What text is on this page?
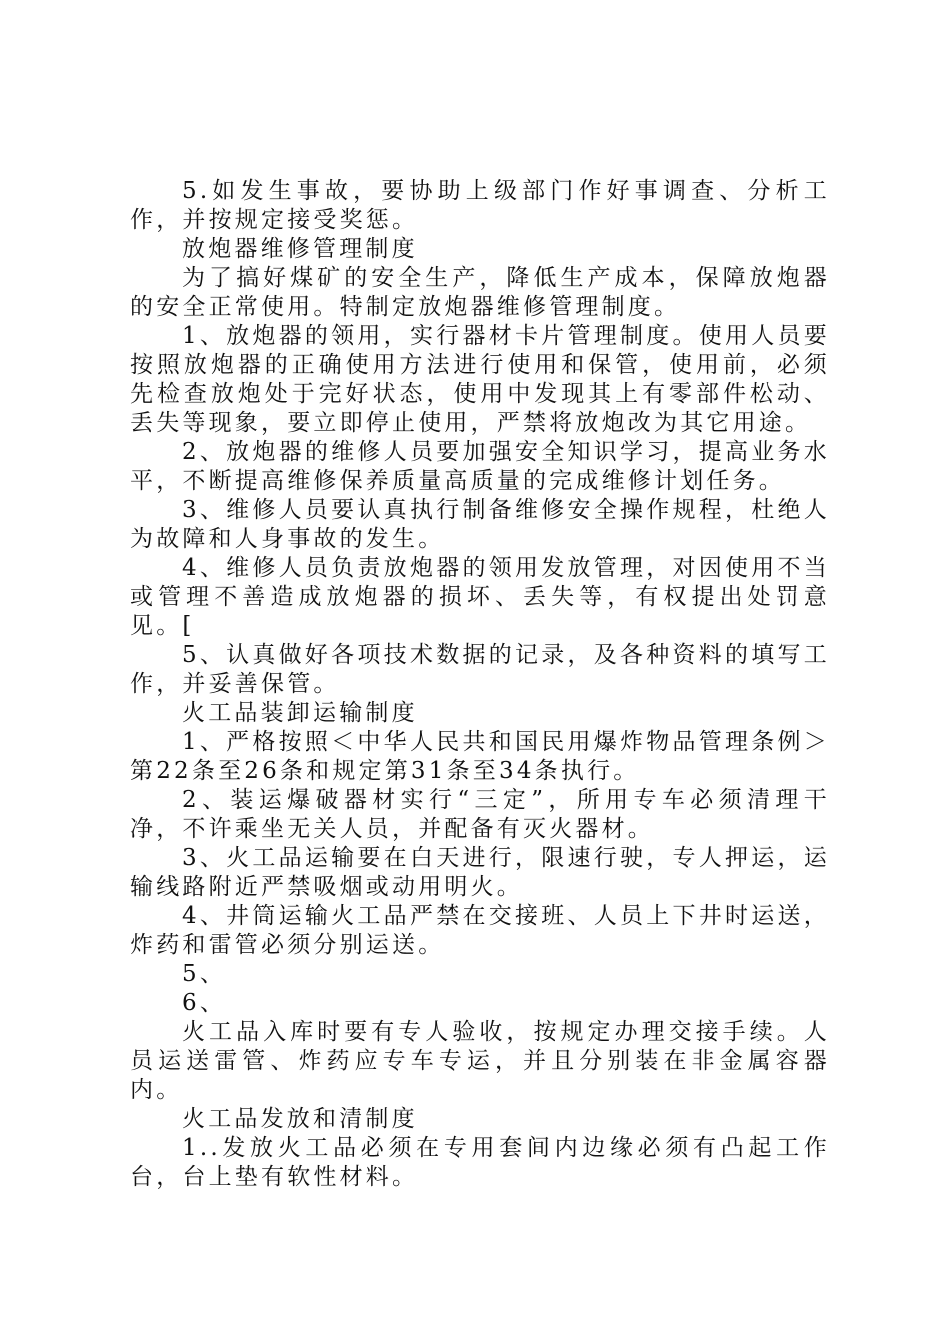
5.如发生事故，要协助上级部门作好事调查、分析工作，并按规定接受奖惩。

放炮器维修管理制度

为了搞好煤矿的安全生产，降低生产成本，保障放炮器的安全正常使用。特制定放炮器维修管理制度。

1、放炮器的领用，实行器材卡片管理制度。使用人员要按照放炮器的正确使用方法进行使用和保管，使用前，必须先检查放炮处于完好状态，使用中发现其上有零部件松动、丢失等现象，要立即停止使用，严禁将放炮改为其它用途。

2、放炮器的维修人员要加强安全知识学习，提高业务水平，不断提高维修保养质量高质量的完成维修计划任务。

3、维修人员要认真执行制备维修安全操作规程，杜绝人为故障和人身事故的发生。

4、维修人员负责放炮器的领用发放管理，对因使用不当或管理不善造成放炮器的损坏、丢失等，有权提出处罚意见。[

5、认真做好各项技术数据的记录，及各种资料的填写工作，并妥善保管。

火工品装卸运输制度

1、严格按照＜中华人民共和国民用爆炸物品管理条例＞第22条至26条和规定第31条至34条执行。

2、装运爆破器材实行“三定”，所用专车必须清理干净，不许乘坐无关人员，并配备有灭火器材。

3、火工品运输要在白天进行，限速行驶，专人押运，运输线路附近严禁吸烟或动用明火。

4、井筒运输火工品严禁在交接班、人员上下井时运送，炸药和雷管必须分别运送。

5、

6、

火工品入库时要有专人验收，按规定办理交接手续。人员运送雷管、炸药应专车专运，并且分别装在非金属容器内。

火工品发放和清制度

1..发放火工品必须在专用套间内边缘必须有凸起工作台，台上垫有软性材料。
